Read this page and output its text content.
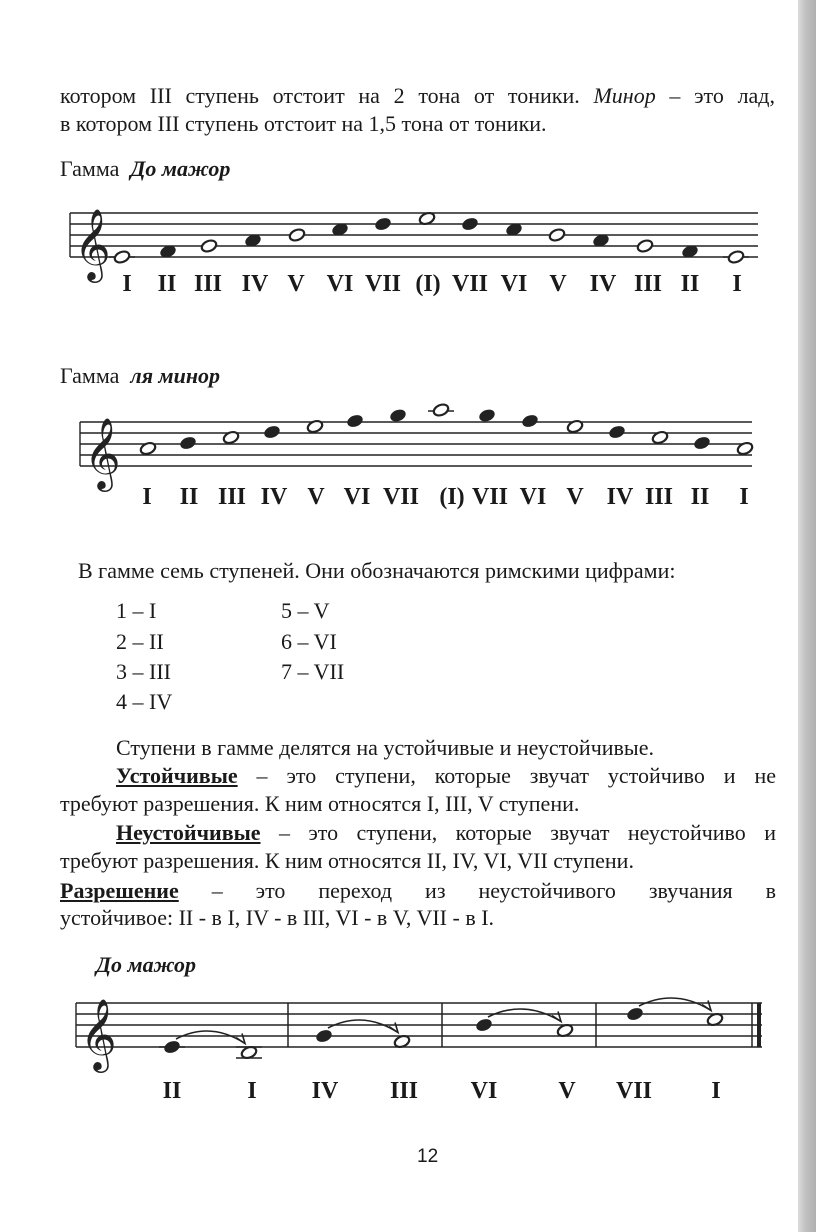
котором III ступень отстоит на 2 тона от тоники. Минор – это лад,
в котором III ступень отстоит на 1,5 тона от тоники.
Гамма До мажор
𝄞
I II III IV V VI VII (I) VII VI V IV III II I
Гамма ля минор
𝄞
I II III IV V VI VII (I) VII VI V IV III II I
В гамме семь ступеней. Они обозначаются римскими цифрами:
1 – I
2 – II
3 – III
4 – IV
5 – V
6 – VI
7 – VII
Ступени в гамме делятся на устойчивые и неустойчивые.
Устойчивые – это ступени, которые звучат устойчиво и не
требуют разрешения. К ним относятся I, III, V ступени.
Неустойчивые – это ступени, которые звучат неустойчиво и
требуют разрешения. К ним относятся II, IV, VI, VII ступени.
Разрешение – это переход из неустойчивого звучания в
устойчивое: II - в I, IV - в III, VI - в V, VII - в I.
До мажор
𝄞
II	I IV III VI	V VII I
12
